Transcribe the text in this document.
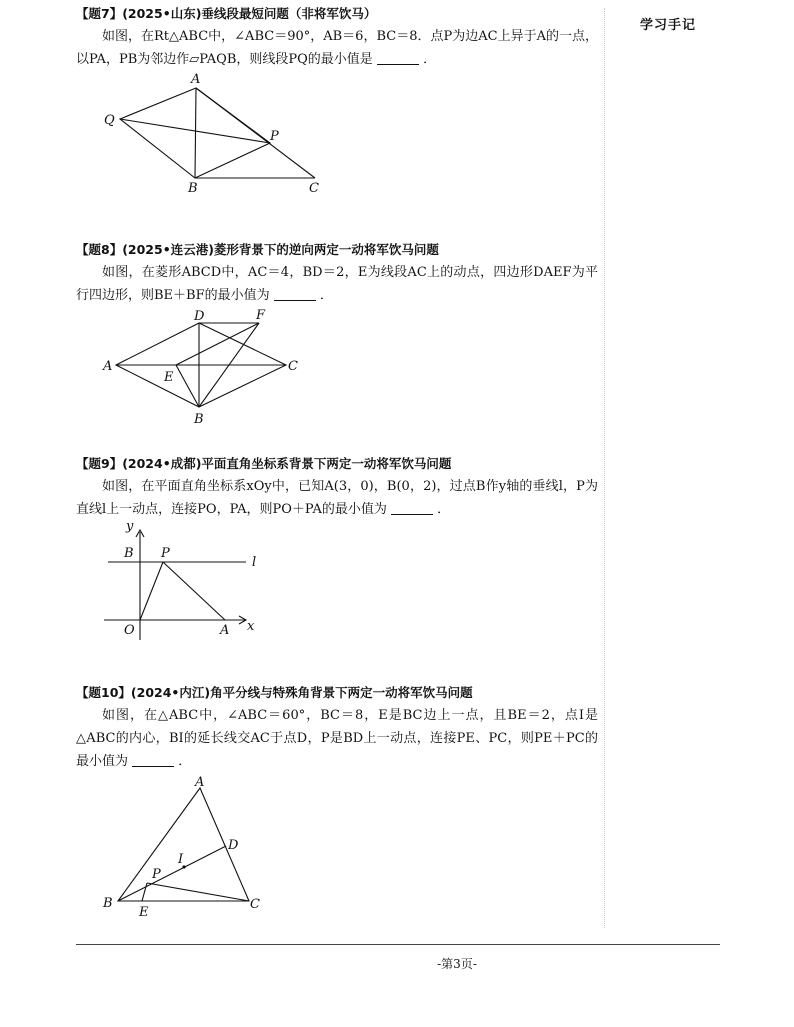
学习手记
【题7】(2025•山东)垂线段最短问题（非将军饮马）

如图，在Rt△ABC中，∠ABC＝90°，AB＝6，BC＝8．点P为边AC上异于A的一点，以PA，PB为邻边作▱PAQB，则线段PQ的最小值是	．

A
Q
P
B	C
【题8】(2025•连云港)菱形背景下的逆向两定一动将军饮马问题

如图，在菱形ABCD中，AC＝4，BD＝2，E为线段AC上的动点，四边形DAEF为平行四边形，则BE＋BF的最小值为	．

D	F
A
E
C
B
【题9】(2024•成都)平面直角坐标系背景下两定一动将军饮马问题

如图，在平面直角坐标系xOy中，已知A(3，0)，B(0，2)，过点B作y轴的垂线l，P为直线l上一动点，连接PO，PA，则PO＋PA的最小值为	．

y
B P
l
O	A x
【题10】(2024•内江)角平分线与特殊角背景下两定一动将军饮马问题

如图，在△ABC中，∠ABC＝60°，BC＝8，E是BC边上一点，且BE＝2，点I是△ABC的内心，BI的延长线交AC于点D，P是BD上一动点，连接PE、PC，则PE＋PC的最小值为	．

A
D
I
P
B
E
C
-第3页-
